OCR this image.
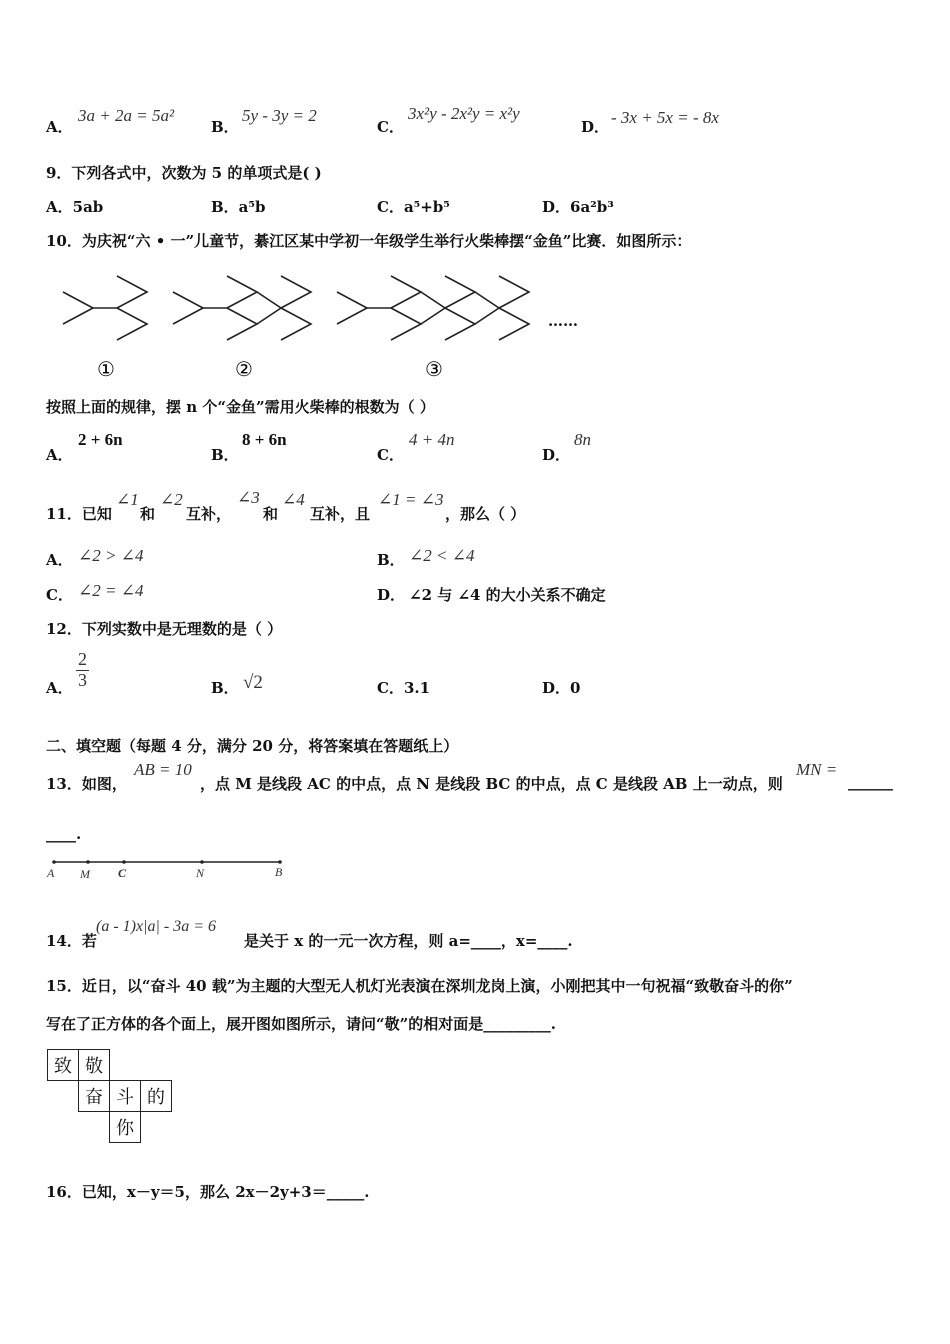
A．
3a + 2a = 5a²
B．
5y - 3y = 2
C．
3x²y - 2x²y = x²y
D． - 3x + 5x = - 8x
9．下列各式中，次数为 5 的单项式是( )
A．5ab	B．a⁵b	C．a⁵+b⁵	D．6a²b³
10．为庆祝“六 • 一”儿童节，綦江区某中学初一年级学生举行火柴棒摆“金鱼”比赛．如图所示：
①	②	③
……
按照上面的规律，摆 n 个“金鱼”需用火柴棒的根数为（ ）
A．
2 + 6n
B．
8 + 6n
C．
4 + 4n
D．
8n
11．已知
∠1
和
∠2
互补，
∠3
和
∠4
互补，且
∠1 = ∠3
，那么（ ）
A． ∠2 > ∠4	B． ∠2 < ∠4
C． ∠2 = ∠4	D． ∠2 与 ∠4 的大小关系不确定
12．下列实数中是无理数的是（ ）
A． $\frac{2}{3}$	B． √2	C．3.1	D．0
二、填空题（每题 4 分，满分 20 分，将答案填在答题纸上）
13．如图，
AB = 10
，点 M 是线段 AC 的中点，点 N 是线段 BC 的中点，点 C 是线段 AB 上一动点，则
MN =
______
____.
A M C	N	B
14．若
(a - 1)x|a| - 3a = 6
是关于 x 的一元一次方程，则 a=____，x=____.
15．近日，以“奋斗 40 载”为主题的大型无人机灯光表演在深圳龙岗上演，小刚把其中一句祝福“致敬奋斗的你”
写在了正方体的各个面上，展开图如图所示，请问“敬”的相对面是_________.
致	敬		
	奋	斗	的
		你	
16．已知，x－y＝5，那么 2x－2y+3＝_____.
